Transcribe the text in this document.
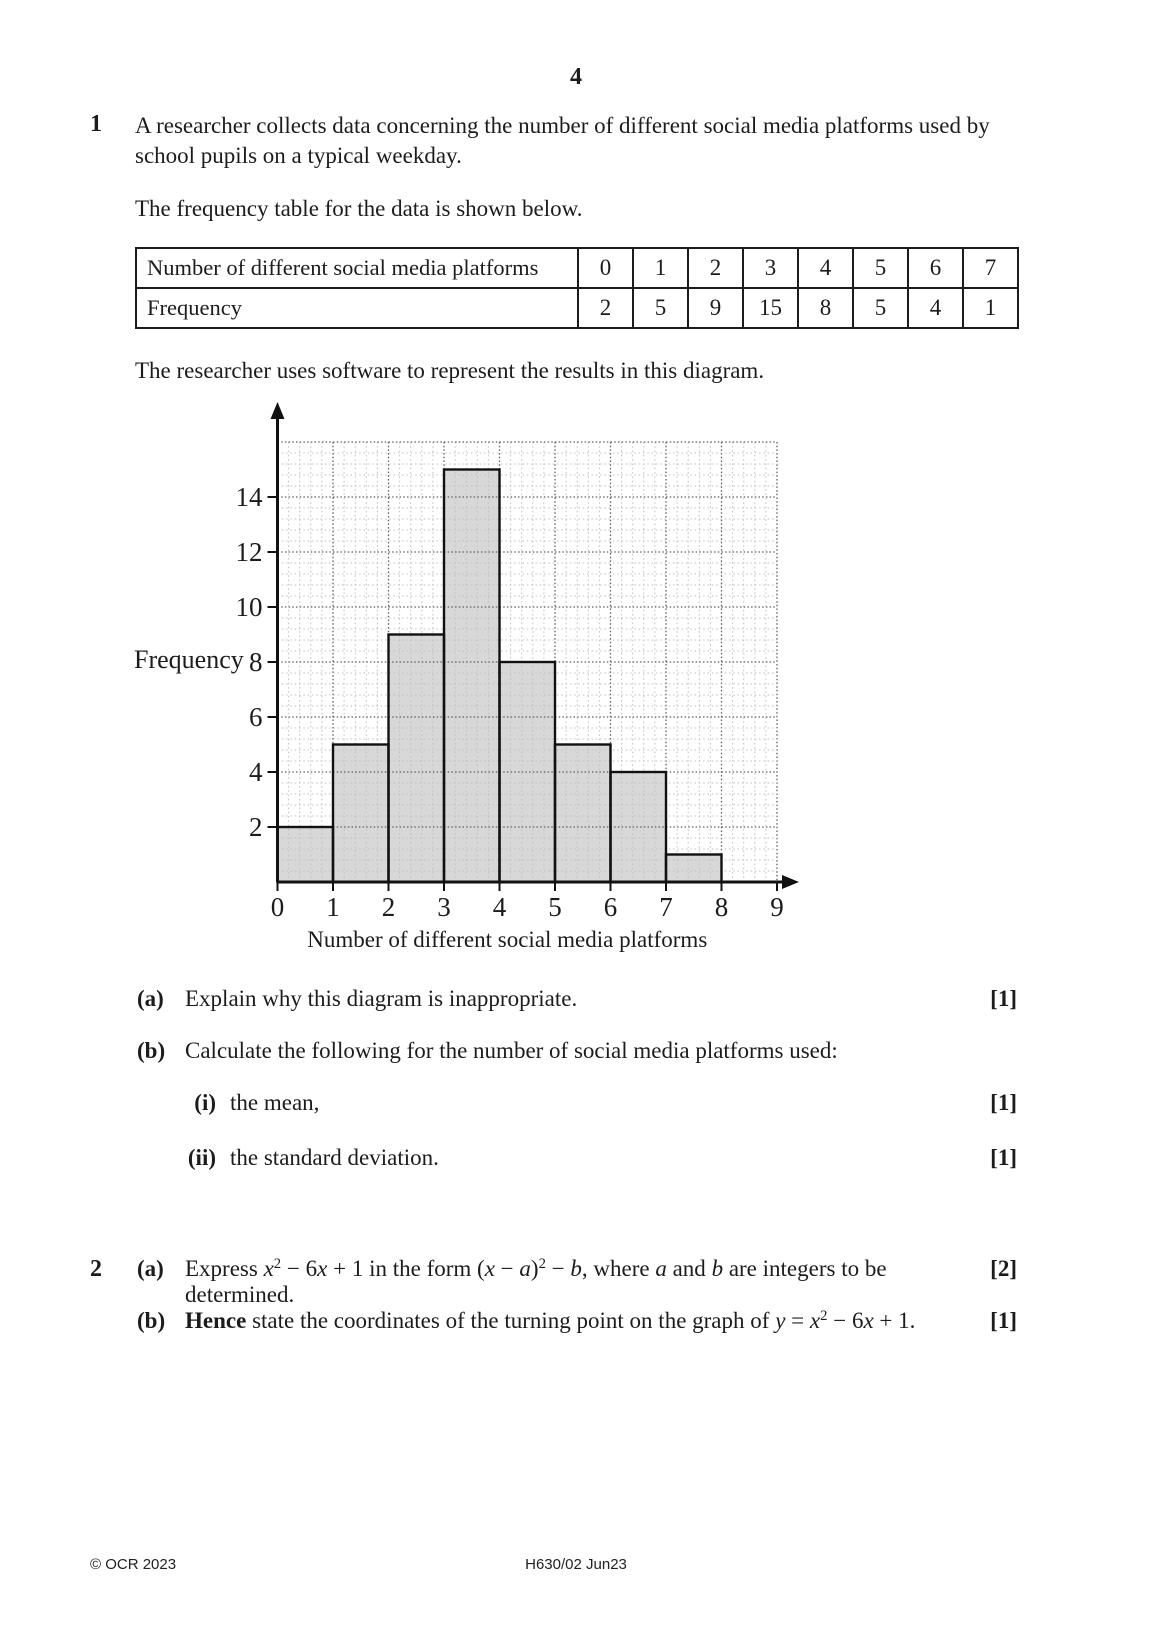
4
1 A researcher collects data concerning the number of different social media platforms used by
school pupils on a typical weekday.
The frequency table for the data is shown below.
Number of different social media platforms	0	1	2	3	4	5	6	7
Frequency	2	5	9	15	8	5	4	1
The researcher uses software to represent the results in this diagram.
2
4
6
8
10
12
14
0 1 2 3 4 5 6 7 8 9
Frequency
Number of different social media platforms
(a) Explain why this diagram is inappropriate.	[1]
(b) Calculate the following for the number of social media platforms used:
(i) the mean,	[1]
(ii) the standard deviation.	[1]
2 (a) Express $x^2 - 6x + 1$ in the form $(x - a)^2 - b$, where a and b are integers to be determined.
[2]
(b) Hence state the coordinates of the turning point on the graph of $y = x^2 - 6x + 1$.	[1]
© OCR 2023	H630/02 Jun23
